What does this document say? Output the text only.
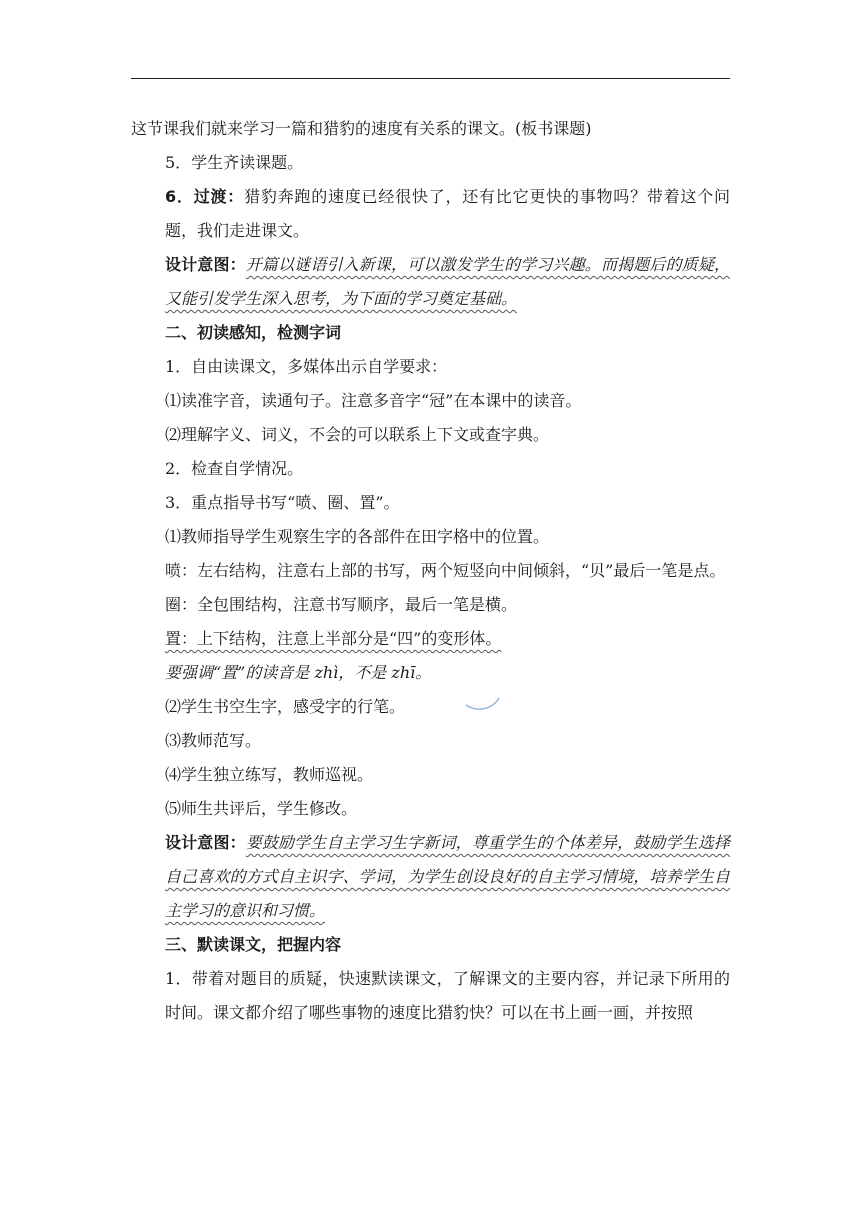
这节课我们就来学习一篇和猎豹的速度有关系的课文。(板书课题)

5．学生齐读课题。

6．过渡：猎豹奔跑的速度已经很快了，还有比它更快的事物吗？带着这个问题，我们走进课文。

设计意图：开篇以谜语引入新课，可以激发学生的学习兴趣。而揭题后的质疑，又能引发学生深入思考，为下面的学习奠定基础。

二、初读感知，检测字词

1．自由读课文，多媒体出示自学要求：

⑴读准字音，读通句子。注意多音字“冠”在本课中的读音。

⑵理解字义、词义，不会的可以联系上下文或查字典。

2．检查自学情况。

3．重点指导书写“喷、圈、置”。

⑴教师指导学生观察生字的各部件在田字格中的位置。

喷：左右结构，注意右上部的书写，两个短竖向中间倾斜，“贝”最后一笔是点。

圈：全包围结构，注意书写顺序，最后一笔是横。

置：上下结构，注意上半部分是“四”的变形体。

要强调“置”的读音是 zhì，不是 zhī。

⑵学生书空生字，感受字的行笔。

⑶教师范写。

⑷学生独立练写，教师巡视。

⑸师生共评后，学生修改。

设计意图：要鼓励学生自主学习生字新词，尊重学生的个体差异，鼓励学生选择自己喜欢的方式自主识字、学词，为学生创设良好的自主学习情境，培养学生自主学习的意识和习惯。

三、默读课文，把握内容

1．带着对题目的质疑，快速默读课文，了解课文的主要内容，并记录下所用的时间。课文都介绍了哪些事物的速度比猎豹快？可以在书上画一画，并按照
